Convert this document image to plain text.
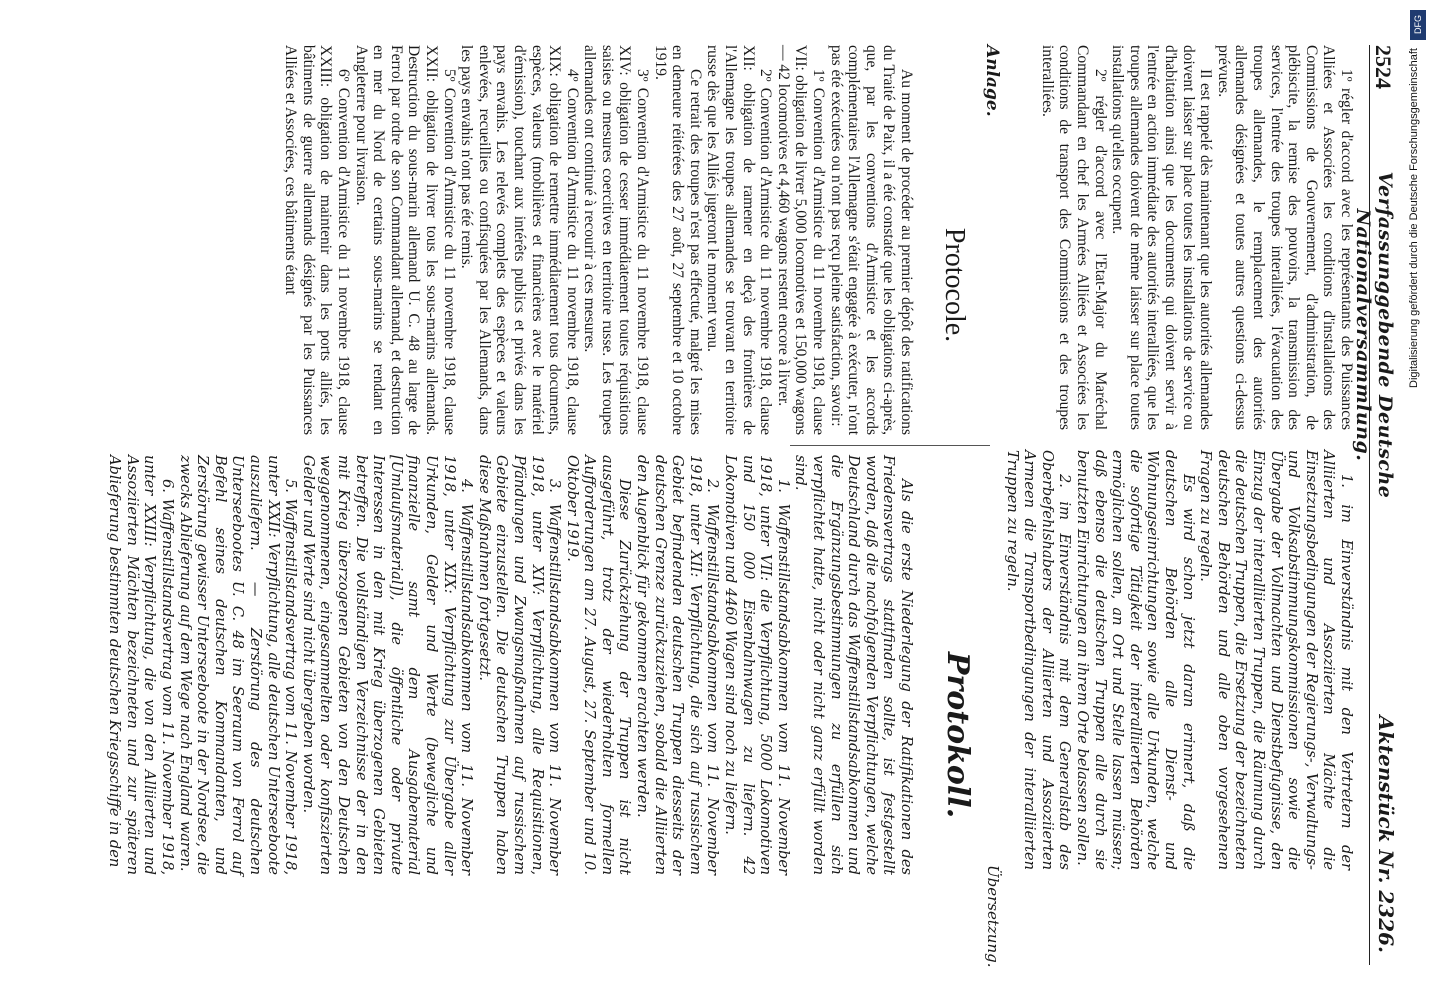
2524
Verfassunggebende Deutsche Nationalversammlung.
Aktenstück Nr. 2326.

1º régler d'accord avec les représentants des Puissances Alliées et Associées les conditions d'installations des Commissions de Gouvernement, d'administration, de plébiscite, la remise des pouvoirs, la transmission des services, l'entrée des troupes interalliées, l'évacuation des troupes allemandes, le remplacement des autorités allemandes désignées et toutes autres questions ci-dessus prévues.

Il est rappelé dès maintenant que les autorités allemandes doivent laisser sur place toutes les installations de service ou d'habitation ainsi que les documents qui doivent servir à l'entrée en action immédiate des autorités interalliées, que les troupes allemandes doivent de même laisser sur place toutes installations qu'elles occupent.

2º régler d'accord avec l'Etat-Major du Maréchal Commandant en chef les Armées Alliées et Associées les conditions de transport des Commissions et des troupes interalliées.

1. im Einverständnis mit den Vertretern der Alliierten und Assoziierten Mächte die Einsetzungsbedingungen der Regierungs-, Verwaltungs- und Volksabstimmungskommissionen sowie die Übergabe der Vollmachten und Dienstbefugnisse, den Einzug der interalliierten Truppen, die Räumung durch die deutschen Truppen, die Ersetzung der bezeichneten deutschen Behörden und alle oben vorgesehenen Fragen zu regeln.

Es wird schon jetzt daran erinnert, daß die deutschen Behörden alle Dienst- und Wohnungseinrichtungen sowie alle Urkunden, welche die sofortige Tätigkeit der interalliierten Behörden ermöglichen sollen, an Ort und Stelle lassen müssen; daß ebenso die deutschen Truppen alle durch sie benutzten Einrichtungen an ihrem Orte belassen sollen.

2. im Einverständnis mit dem Generalstab des Oberbefehlshabers der Alliierten und Assoziierten Armeen die Transportbedingungen der interalliierten Truppen zu regeln.

Anlage.
Übersetzung.
Protocole.
Protokoll.

Au moment de procéder au premier dépôt des ratifications du Traité de Paix, il a été constaté que les obligations ci-après, que, par les conventions d'Armistice et les accords complémentaires l'Allemagne s'était engagée à exécuter, n'ont pas été exécutées ou n'ont pas reçu pleine satisfaction, savoir:

1º Convention d'Armistice du 11 novembre 1918, clause VII: obligation de livrer 5,000 locomotives et 150,000 wagons — 42 locomotives et 4,460 wagons restent encore à livrer.

2º Convention d'Armistice du 11 novembre 1918, clause XII: obligation de ramener en deçà des frontières de l'Allemagne les troupes allemandes se trouvant en territoire russe dès que les Alliés jugeront le moment venu.

Ce retrait des troupes n'est pas effectué, malgré les mises en demeure réitérées des 27 août, 27 septembre et 10 octobre 1919.

3º Convention d'Armistice du 11 novembre 1918, clause XIV: obligation de cesser immédiatement toutes réquisitions saisies ou mesures coercitives en territoire russe. Les troupes allemandes ont continué à recourir à ces mesures.

4º Convention d'Armistice du 11 novembre 1918, clause XIX: obligation de remettre immédiatement tous documents, espèces, valeurs (mobilières et financières avec le matériel d'émission), touchant aux intérêts publics et privés dans les pays envahis. Les relevés complets des espèces et valeurs enlevées, recueillies ou confisquées par les Allemands, dans les pays envahis n'ont pas été remis.

5º Convention d'Armistice du 11 novembre 1918, clause XXII: obligation de livrer tous les sous-marins allemands. Destruction du sous-marin allemand U. C. 48 au large de Ferrol par ordre de son Commandant allemand, et destruction en mer du Nord de certains sous-marins se rendant en Angleterre pour livraison.

6º Convention d'Armistice du 11 novembre 1918, clause XXIII: obligation de maintenir dans les ports alliés, les bâtiments de guerre allemands désignés par les Puissances Alliées et Associées, ces bâtiments étant

Als die erste Niederlegung der Ratifikationen des Friedensvertrags stattfinden sollte, ist festgestellt worden, daß die nachfolgenden Verpflichtungen, welche Deutschland durch das Waffenstillstandsabkommen und die Ergänzungsbestimmungen zu erfüllen sich verpflichtet hatte, nicht oder nicht ganz erfüllt worden sind.

1. Waffenstillstandsabkommen vom 11. November 1918, unter VII: die Verpflichtung, 5000 Lokomotiven und 150 000 Eisenbahnwagen zu liefern. 42 Lokomotiven und 4460 Wagen sind noch zu liefern.

2. Waffenstillstandsabkommen vom 11. November 1918, unter XII: Verpflichtung, die sich auf russischem Gebiet befindenden deutschen Truppen diesseits der deutschen Grenze zurückzuziehen, sobald die Alliierten den Augenblick für gekommen erachten werden.

Diese Zurückziehung der Truppen ist nicht ausgeführt, trotz der wiederholten formellen Aufforderungen am 27. August, 27. September und 10. Oktober 1919.

3. Waffenstillstandsabkommen vom 11. November 1918, unter XIV: Verpflichtung, alle Requisitionen, Pfändungen und Zwangsmaßnahmen auf russischem Gebiete einzustellen. Die deutschen Truppen haben diese Maßnahmen fortgesetzt.

4. Waffenstillstandsabkommen vom 11. November 1918, unter XIX: Verpflichtung zur Übergabe aller Urkunden, Gelder und Werte (bewegliche und finanzielle samt dem Ausgabematerial [Umlaufsmaterial]), die öffentliche oder private Interessen in den mit Krieg überzogenen Gebieten betreffen. Die vollständigen Verzeichnisse der in den mit Krieg überzogenen Gebieten von den Deutschen weggenommenen, eingesammelten oder konfiszierten Gelder und Werte sind nicht übergeben worden.

5. Waffenstillstandsvertrag vom 11. November 1918, unter XXII: Verpflichtung, alle deutschen Unterseeboote auszuliefern. — Zerstörung des deutschen Unterseebootes U. C. 48 im Seeraum von Ferrol auf Befehl seines deutschen Kommandanten, und Zerstörung gewisser Unterseeboote in der Nordsee, die zwecks Ablieferung auf dem Wege nach England waren.

6. Waffenstillstandsvertrag vom 11. November 1918, unter XXIII: Verpflichtung, die von den Alliierten und Assoziierten Mächten bezeichneten und zur späteren Ablieferung bestimmten deutschen Kriegsschiffe in den

DFG
Digitalisierung gefördert durch die Deutsche Forschungsgemeinschaft
